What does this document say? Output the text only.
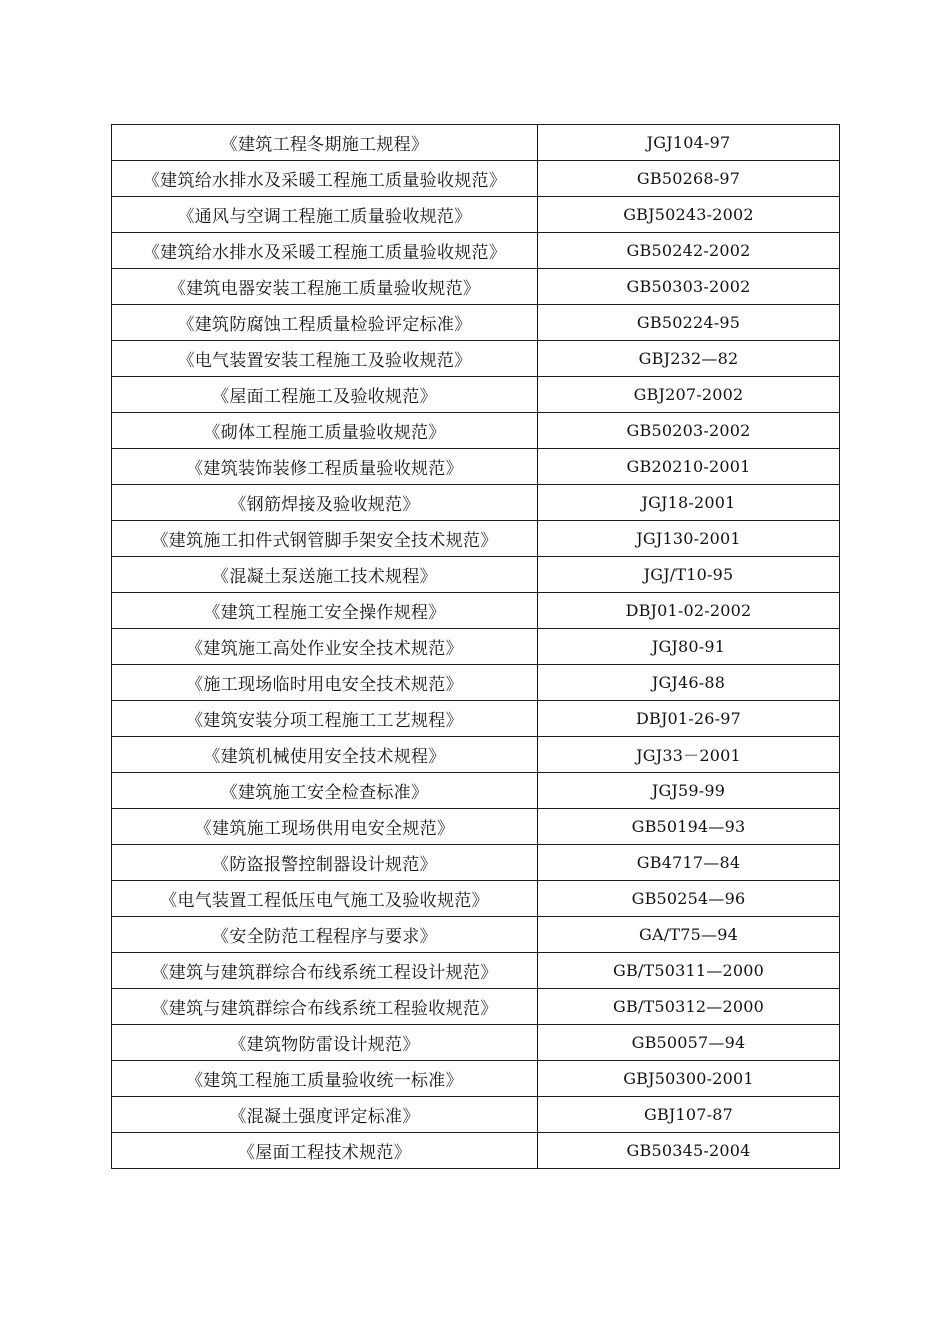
《建筑工程冬期施工规程》	JGJ104-97
《建筑给水排水及采暖工程施工质量验收规范》	GB50268-97
《通风与空调工程施工质量验收规范》	GBJ50243-2002
《建筑给水排水及采暖工程施工质量验收规范》	GB50242-2002
《建筑电器安装工程施工质量验收规范》	GB50303-2002
《建筑防腐蚀工程质量检验评定标准》	GB50224-95
《电气装置安装工程施工及验收规范》	GBJ232—82
《屋面工程施工及验收规范》	GBJ207-2002
《砌体工程施工质量验收规范》	GB50203-2002
《建筑装饰装修工程质量验收规范》	GB20210-2001
《钢筋焊接及验收规范》	JGJ18-2001
《建筑施工扣件式钢管脚手架安全技术规范》	JGJ130-2001
《混凝土泵送施工技术规程》	JGJ/T10-95
《建筑工程施工安全操作规程》	DBJ01-02-2002
《建筑施工高处作业安全技术规范》	JGJ80-91
《施工现场临时用电安全技术规范》	JGJ46-88
《建筑安装分项工程施工工艺规程》	DBJ01-26-97
《建筑机械使用安全技术规程》	JGJ33－2001
《建筑施工安全检查标准》	JGJ59-99
《建筑施工现场供用电安全规范》	GB50194—93
《防盗报警控制器设计规范》	GB4717—84
《电气装置工程低压电气施工及验收规范》	GB50254—96
《安全防范工程程序与要求》	GA/T75—94
《建筑与建筑群综合布线系统工程设计规范》	GB/T50311—2000
《建筑与建筑群综合布线系统工程验收规范》	GB/T50312—2000
《建筑物防雷设计规范》	GB50057—94
《建筑工程施工质量验收统一标准》	GBJ50300-2001
《混凝土强度评定标准》	GBJ107-87
《屋面工程技术规范》	GB50345-2004
